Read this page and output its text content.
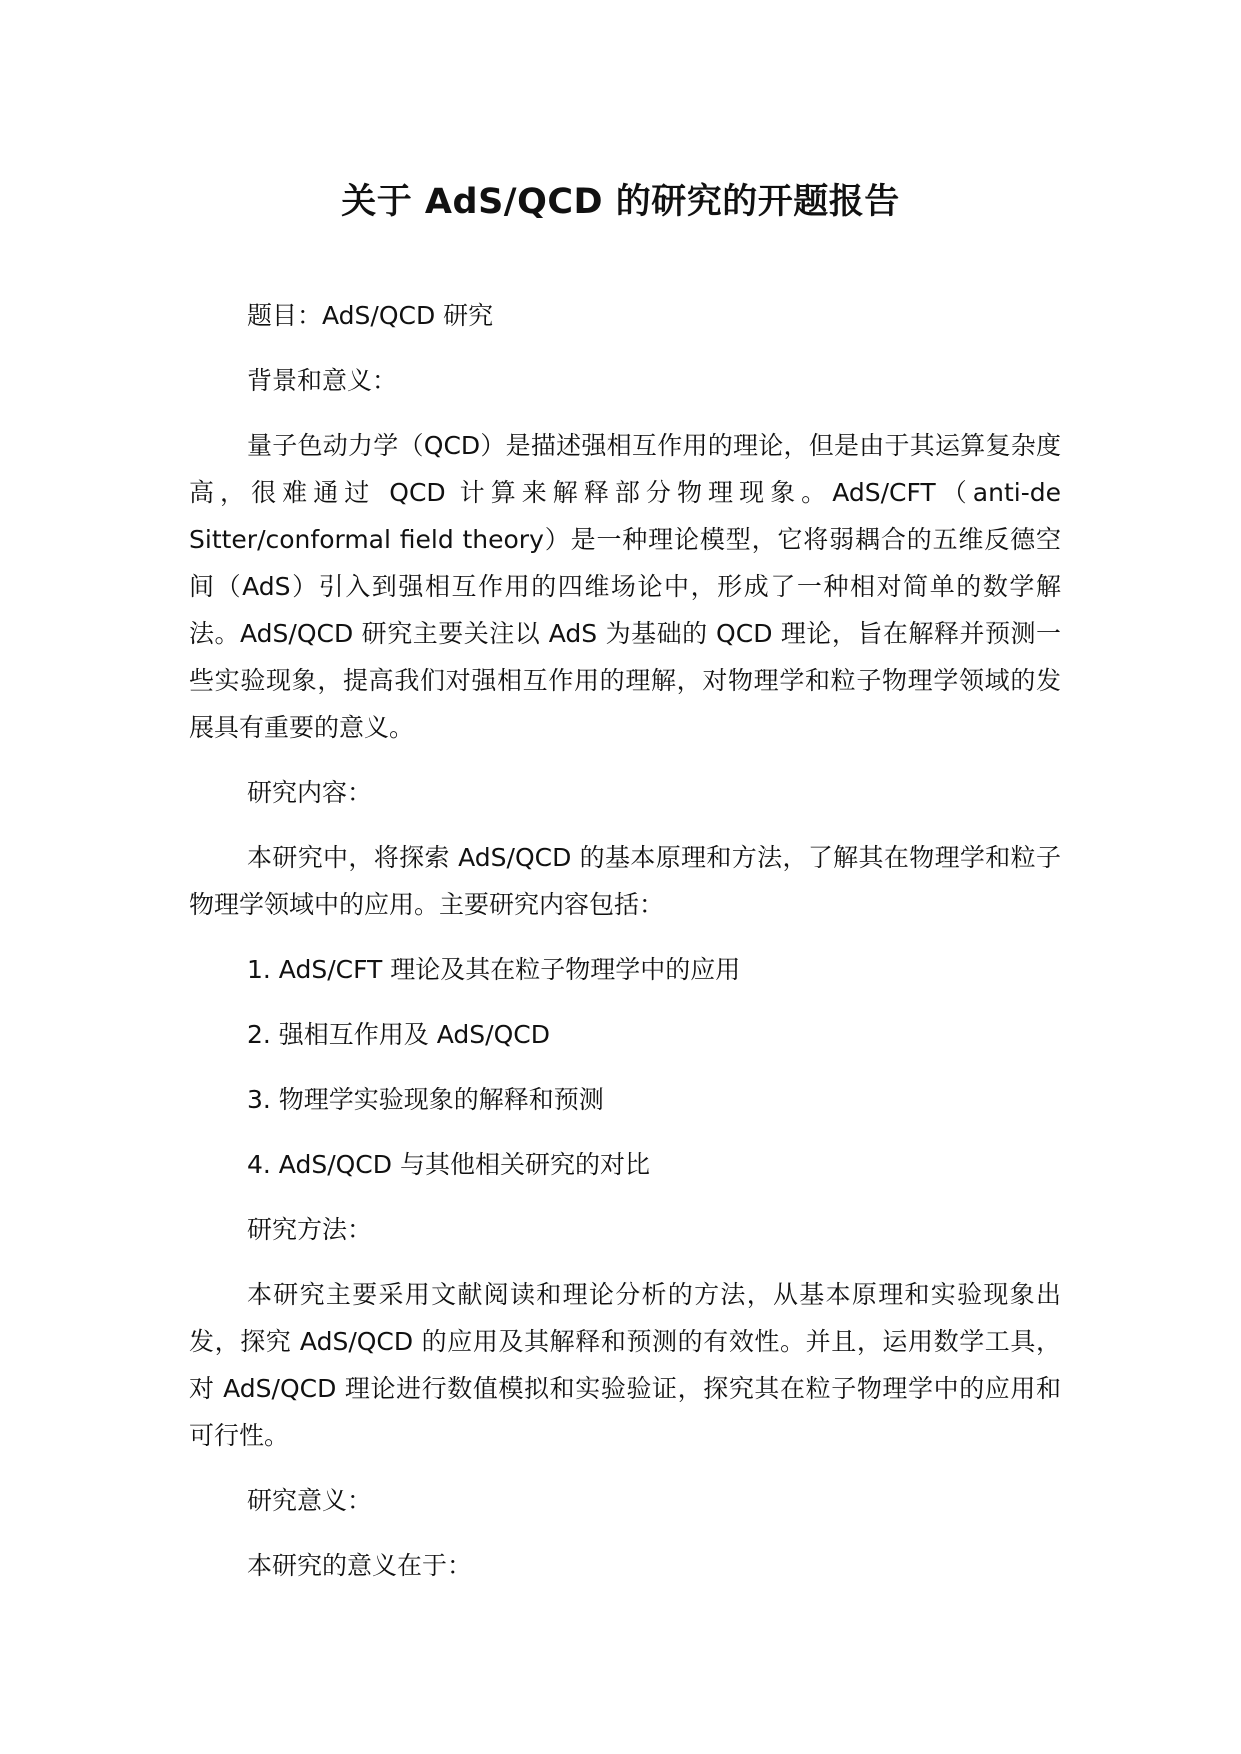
关于 AdS/QCD 的研究的开题报告

题目：AdS/QCD 研究

背景和意义：

量子色动力学（QCD）是描述强相互作用的理论，但是由于其运算复杂度高，很难通过 QCD 计算来解释部分物理现象。AdS/CFT（anti-de Sitter/conformal field theory）是一种理论模型，它将弱耦合的五维反德空间（AdS）引入到强相互作用的四维场论中，形成了一种相对简单的数学解法。AdS/QCD 研究主要关注以 AdS 为基础的 QCD 理论，旨在解释并预测一些实验现象，提高我们对强相互作用的理解，对物理学和粒子物理学领域的发展具有重要的意义。

研究内容：

本研究中，将探索 AdS/QCD 的基本原理和方法，了解其在物理学和粒子物理学领域中的应用。主要研究内容包括：

1. AdS/CFT 理论及其在粒子物理学中的应用

2. 强相互作用及 AdS/QCD

3. 物理学实验现象的解释和预测

4. AdS/QCD 与其他相关研究的对比

研究方法：

本研究主要采用文献阅读和理论分析的方法，从基本原理和实验现象出发，探究 AdS/QCD 的应用及其解释和预测的有效性。并且，运用数学工具，对 AdS/QCD 理论进行数值模拟和实验验证，探究其在粒子物理学中的应用和可行性。

研究意义：

本研究的意义在于：
